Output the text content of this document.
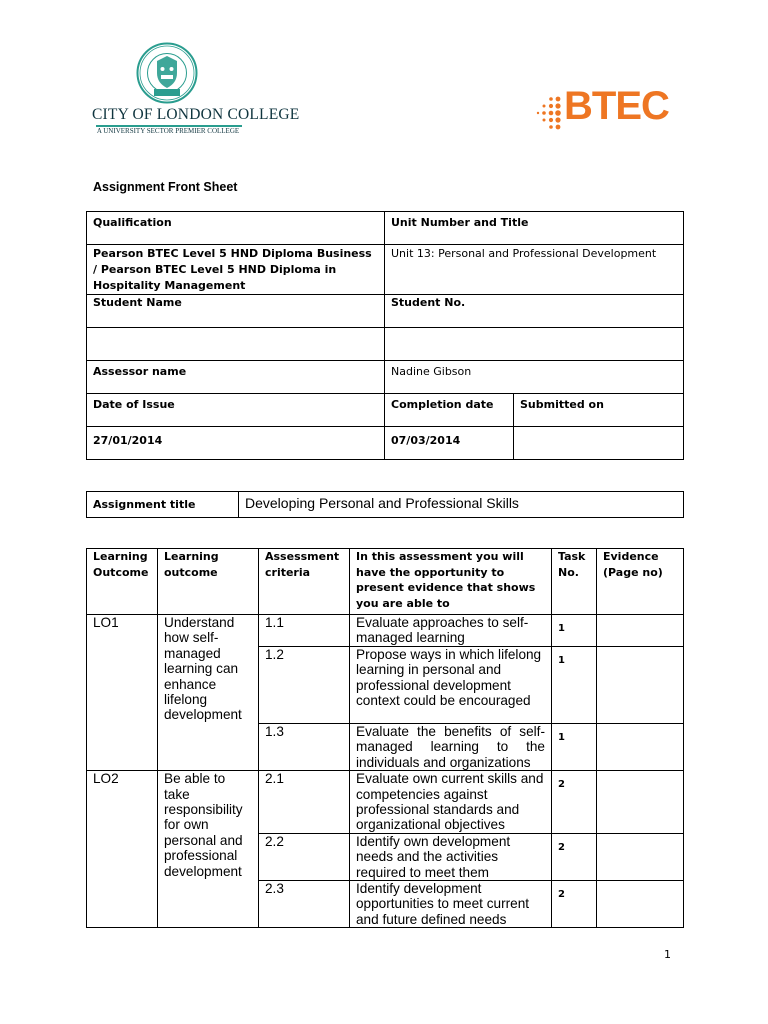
CITY OF LONDON COLLEGE
A UNIVERSITY SECTOR PREMIER COLLEGE
BTEC
Assignment Front Sheet
Qualification	Unit Number and Title	
Pearson BTEC Level 5 HND Diploma Business / Pearson BTEC Level 5 HND Diploma in Hospitality Management	Unit 13: Personal and Professional Development	
Student Name	Student No.	

Assessor name	Nadine Gibson	
Date of Issue	Completion date	Submitted on
27/01/2014	07/03/2014	
Assignment title	Developing Personal and Professional Skills
Learning Outcome	Learning outcome	Assessment criteria	In this assessment you will have the opportunity to present evidence that shows you are able to	Task No.	Evidence (Page no)
LO1	Understand how self-managed learning can enhance lifelong development	1.1	Evaluate approaches to self-managed learning	1	
		1.2	Propose ways in which lifelong learning in personal and professional development context could be encouraged	1	
		1.3	Evaluate the benefits of self-managed learning to the individuals and organizations	1	
LO2	Be able to take responsibility for own personal and professional development	2.1	Evaluate own current skills and competencies against professional standards and organizational objectives	2	
		2.2	Identify own development needs and the activities required to meet them	2	
		2.3	Identify development opportunities to meet current and future defined needs	2	
1
